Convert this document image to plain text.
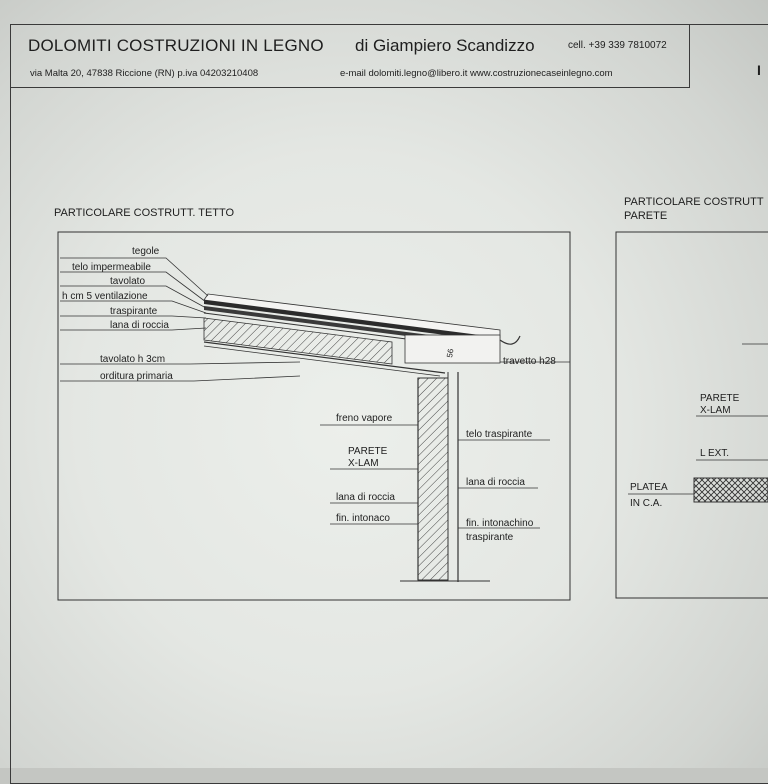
DOLOMITI COSTRUZIONI IN LEGNO di Giampiero Scandizzo	cell. +39 339 7810072
via Malta 20, 47838 Riccione (RN) p.iva 04203210408	e-mail dolomiti.legno@libero.it www.costruzionecaseinlegno.com	I
PARTICOLARE COSTRUTT. TETTO
PARTICOLARE COSTRUTT
PARETE
tegole
telo impermeabile
tavolato
h cm 5 ventilazione
traspirante
lana di roccia
tavolato h 3cm
orditura primaria
travetto h28
56
freno vapore
PARETE
X-LAM
lana di roccia
fin. intonaco
telo traspirante
lana di roccia
fin. intonachino
traspirante
PARETE
X-LAM
L EXT.
PLATEA
IN C.A.
